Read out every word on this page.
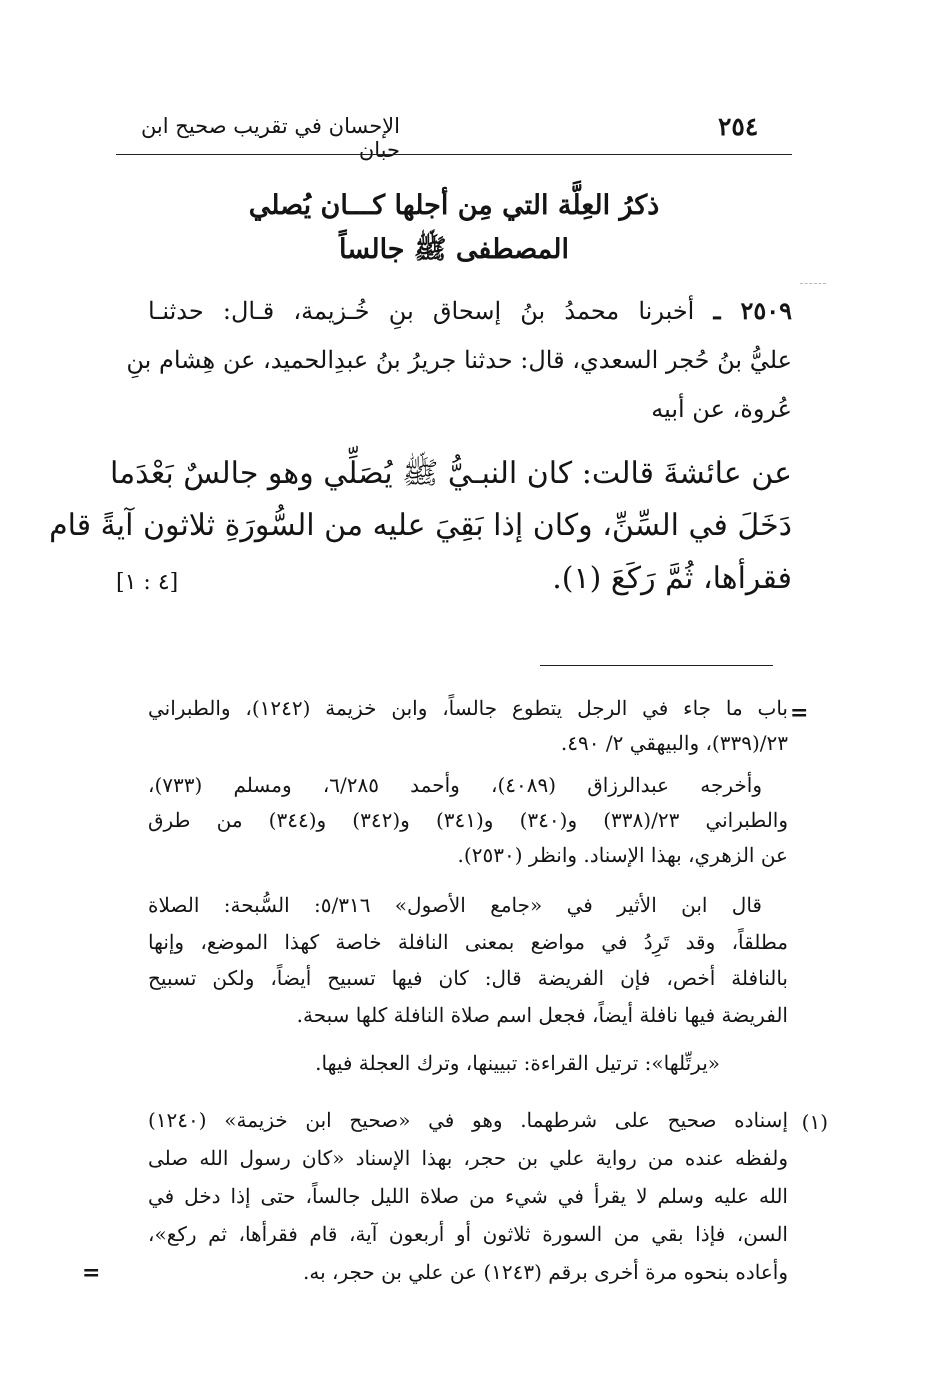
٢٥٤
الإحسان في تقريب صحيح ابن حبان
ذكرُ العِلَّة التي مِن أجلها كـــان يُصلي
المصطفى ﷺ جالساً
٢٥٠٩ ـ أخبرنا محمدُ بنُ إسحاق بنِ خُـزيمة، قـال: حدثنـا
عليُّ بنُ حُجر السعدي، قال: حدثنا جريرُ بنُ عبدِالحميد، عن هِشام بنِ
عُروة، عن أبيه
عن عائشةَ قالت: كان النبـيُّ ﷺ يُصَلِّي وهو جالسٌ بَعْدَما
دَخَلَ في السِّنِّ، وكان إذا بَقِيَ عليه من السُّورَةِ ثلاثون آيةً قام
فقرأها، ثُمَّ رَكَعَ (١).
[٤ : ١]
=
باب ما جاء في الرجل يتطوع جالساً، وابن خزيمة (١٢٤٢)، والطبراني
٢٣/(٣٣٩)، والبيهقي ٢/ ٤٩٠.
وأخرجه عبدالرزاق (٤٠٨٩)، وأحمد ٦/٢٨٥، ومسلم (٧٣٣)،
والطبراني ٢٣/(٣٣٨) و(٣٤٠) و(٣٤١) و(٣٤٢) و(٣٤٤) من طرق
عن الزهري، بهذا الإسناد. وانظر (٢٥٣٠).
قال ابن الأثير في «جامع الأصول» ٥/٣١٦: السُّبحة: الصلاة
مطلقاً، وقد تَرِدُ في مواضع بمعنى النافلة خاصة كهذا الموضع، وإنها
بالنافلة أخص، فإن الفريضة قال: كان فيها تسبيح أيضاً، ولكن تسبيح
الفريضة فيها نافلة أيضاً، فجعل اسم صلاة النافلة كلها سبحة.
«يرتِّلها»: ترتيل القراءة: تبيينها، وترك العجلة فيها.
(١)
إسناده صحيح على شرطهما. وهو في «صحيح ابن خزيمة» (١٢٤٠)
ولفظه عنده من رواية علي بن حجر، بهذا الإسناد «كان رسول الله صلى
الله عليه وسلم لا يقرأ في شيء من صلاة الليل جالساً، حتى إذا دخل في
السن، فإذا بقي من السورة ثلاثون أو أربعون آية، قام فقرأها، ثم ركع»،
وأعاده بنحوه مرة أخرى برقم (١٢٤٣) عن علي بن حجر، به.
=
